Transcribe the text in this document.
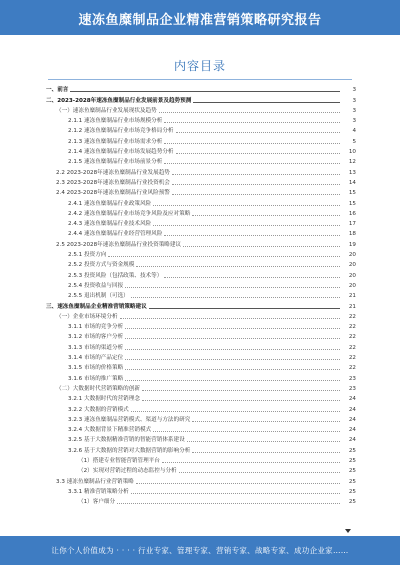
速冻鱼糜制品企业精准营销策略研究报告
内容目录
一、前言	3
二、2023-2028年速冻鱼糜制品行业发展前景及趋势预测	3
（一）速冻鱼糜制品行业发展现状及趋势	3
2.1.1 速冻鱼糜制品行业市场规模分析	3
2.1.2 速冻鱼糜制品行业市场竞争格局分析	4
2.1.3 速冻鱼糜制品行业市场需求分析	5
2.1.4 速冻鱼糜制品行业市场发展趋势分析	10
2.1.5 速冻鱼糜制品行业市场前景分析	12
2.2 2023-2028年速冻鱼糜制品行业发展趋势	13
2.3 2023-2028年速冻鱼糜制品行业投资机会	14
2.4 2023-2028年速冻鱼糜制品行业风险预警	15
2.4.1 速冻鱼糜制品行业政策风险	15
2.4.2 速冻鱼糜制品行业市场竞争风险及应对策略	16
2.4.3 速冻鱼糜制品行业技术风险	17
2.4.4 速冻鱼糜制品行业经营管理风险	18
2.5 2023-2028年速冻鱼糜制品行业投资策略建议	19
2.5.1 投资方向	20
2.5.2 投资方式与资金规模	20
2.5.3 投资风险（包括政策、技术等）	20
2.5.4 投资收益与回报	20
2.5.5 退出机制（可选）	21
三、速冻鱼糜制品企业精准营销策略建议	21
（一）企业市场环境分析	22
3.1.1 市场的竞争分析	22
3.1.2 市场的客户分析	22
3.1.3 市场的渠道分析	22
3.1.4 市场的产品定位	22
3.1.5 市场的价格策略	22
3.1.6 市场的推广策略	23
（二）大数据时代营销策略的创新	23
3.2.1 大数据时代的营销理念	24
3.2.2 大数据的营销模式	24
3.2.3 速冻鱼糜制品营销模式、渠道与方法的研究	24
3.2.4 大数据背景下精准营销模式	24
3.2.5 基于大数据精准营销的智能营销体系建设	24
3.2.6 基于大数据的营销对大数据营销的影响分析	25
（1）搭建专业智能营销管理平台	25
（2）实现对营销过程的动态监控与分析	25
3.3 速冻鱼糜制品行业营销策略	25
3.3.1 精准营销策略分析	25
（1）客户细分	25
让你个人价值成为 · · · · 行业专家、管理专家、营销专家、战略专家、成功企业家……
